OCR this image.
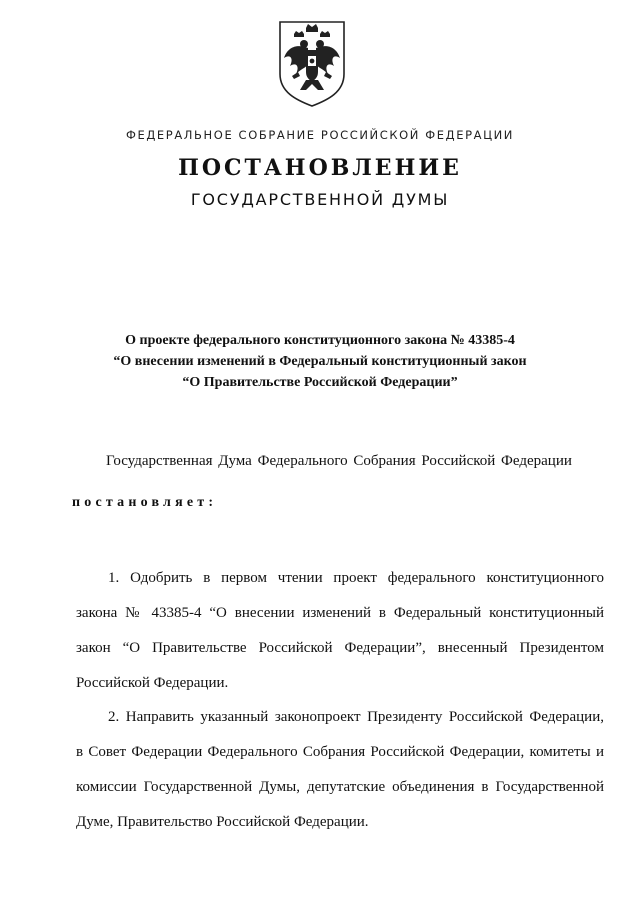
ФЕДЕРАЛЬНОЕ СОБРАНИЕ РОССИЙСКОЙ ФЕДЕРАЦИИ
ПОСТАНОВЛЕНИЕ
ГОСУДАРСТВЕННОЙ ДУМЫ
О проекте федерального конституционного закона № 43385-4
“О внесении изменений в Федеральный конституционный закон
“О Правительстве Российской Федерации”
Государственная Дума Федерального Собрания Российской Федерации
постановляет:
1. Одобрить в первом чтении проект федерального конституционного
закона № 43385-4 “О внесении изменений в Федеральный конституционный
закон “О Правительстве Российской Федерации”, внесенный Президентом
Российской Федерации.
2. Направить указанный законопроект Президенту Российской Федерации,
в Совет Федерации Федерального Собрания Российской Федерации, комитеты и
комиссии Государственной Думы, депутатские объединения в Государственной
Думе, Правительство Российской Федерации.
